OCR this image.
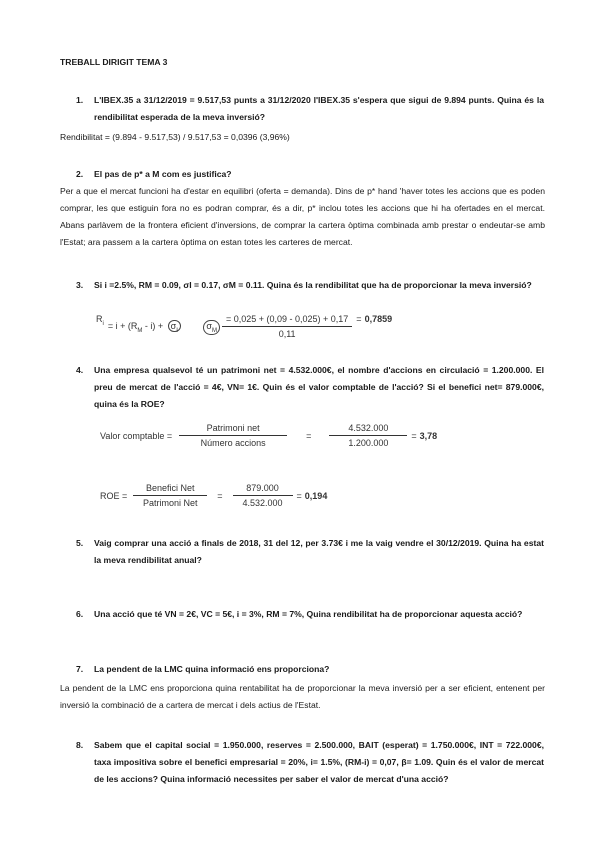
TREBALL DIRIGIT TEMA 3
1.	L'IBEX.35 a 31/12/2019 = 9.517,53 punts a 31/12/2020 l'IBEX.35 s'espera que sigui de 9.894 punts. Quina és la rendibilitat esperada de la meva inversió?
Rendibilitat = (9.894 - 9.517,53) / 9.517,53 = 0,0396 (3,96%)
2.	El pas de p* a M com es justifica?
Per a que el mercat funcioni ha d'estar en equilibri (oferta = demanda). Dins de p* hand 'haver totes les accions que es poden comprar, les que estiguin fora no es podran comprar, és a dir, p* inclou totes les accions que hi ha ofertades en el mercat. Abans parlàvem de la frontera eficient d'inversions, de comprar la cartera òptima combinada amb prestar o endeutar-se amb l'Estat; ara passem a la cartera òptima on estan totes les carteres de mercat.
3.	Si i =2.5%, RM = 0.09, σI = 0.17, σM = 0.11. Quina és la rendibilitat que ha de proporcionar la meva inversió?
$R_i = i + (R_M - i) + \sigma_I$	$\sigma_M \frac{= 0,025 + (0,09 - 0,025) + 0,17}{0,11} = 0,7859$
4.	Una empresa qualsevol té un patrimoni net = 4.532.000€, el nombre d'accions en circulació = 1.200.000. El preu de mercat de l'acció = 4€, VN= 1€. Quin és el valor comptable de l'acció? Si el benefici net= 879.000€, quina és la ROE?
Valor comptable = $\frac{\text{Patrimoni net}}{\text{Número accions}} = \frac{4.532.000}{1.200.000} = 3,78$
ROE = $\frac{\text{Benefici Net}}{\text{Patrimoni Net}} = \frac{879.000}{4.532.000} = 0,194$
5.	Vaig comprar una acció a finals de 2018, 31 del 12, per 3.73€ i me la vaig vendre el 30/12/2019. Quina ha estat la meva rendibilitat anual?
6.	Una acció que té VN = 2€, VC = 5€, i = 3%, RM = 7%, Quina rendibilitat ha de proporcionar aquesta acció?
7.	La pendent de la LMC quina informació ens proporciona?
La pendent de la LMC ens proporciona quina rentabilitat ha de proporcionar la meva inversió per a ser eficient, entenent per inversió la combinació de a cartera de mercat i dels actius de l'Estat.
8.	Sabem que el capital social = 1.950.000, reserves = 2.500.000, BAIT (esperat) = 1.750.000€, INT = 722.000€, taxa impositiva sobre el benefici empresarial = 20%, i= 1.5%, (RM-i) = 0,07, β= 1.09. Quin és el valor de mercat de les accions? Quina informació necessites per saber el valor de mercat d'una acció?
